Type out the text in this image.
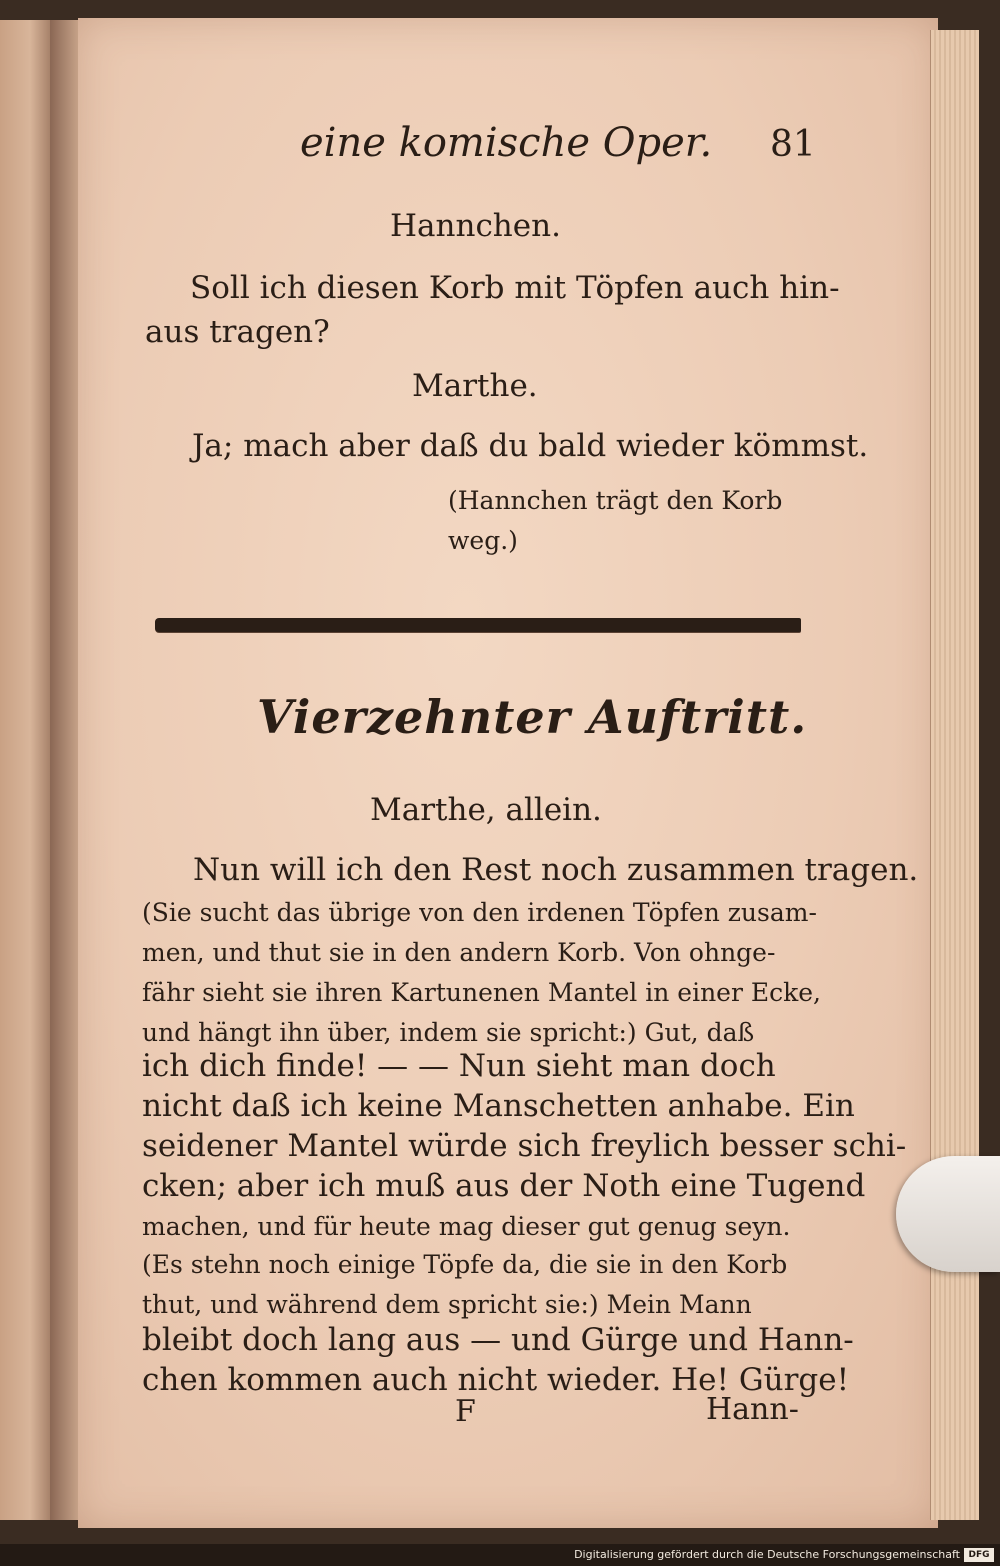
eine komische Oper. 81
Hannchen.
Soll ich diesen Korb mit Töpfen auch hin-
aus tragen?
Marthe.
Ja; mach aber daß du bald wieder kömmst.
(Hannchen trägt den Korb
weg.)
Vierzehnter Auftritt.
Marthe, allein.
Nun will ich den Rest noch zusammen tragen.
(Sie sucht das übrige von den irdenen Töpfen zusam-
men, und thut sie in den andern Korb. Von ohnge-
fähr sieht sie ihren Kartunenen Mantel in einer Ecke,
und hängt ihn über, indem sie spricht:) Gut, daß
ich dich finde! — — Nun sieht man doch
nicht daß ich keine Manschetten anhabe. Ein
seidener Mantel würde sich freylich besser schi-
cken; aber ich muß aus der Noth eine Tugend
machen, und für heute mag dieser gut genug seyn.
(Es stehn noch einige Töpfe da, die sie in den Korb
thut, und während dem spricht sie:) Mein Mann
bleibt doch lang aus — und Gürge und Hann-
chen kommen auch nicht wieder. He! Gürge!
F	Hann-
Digitalisierung gefördert durch die Deutsche Forschungsgemeinschaft DFG
